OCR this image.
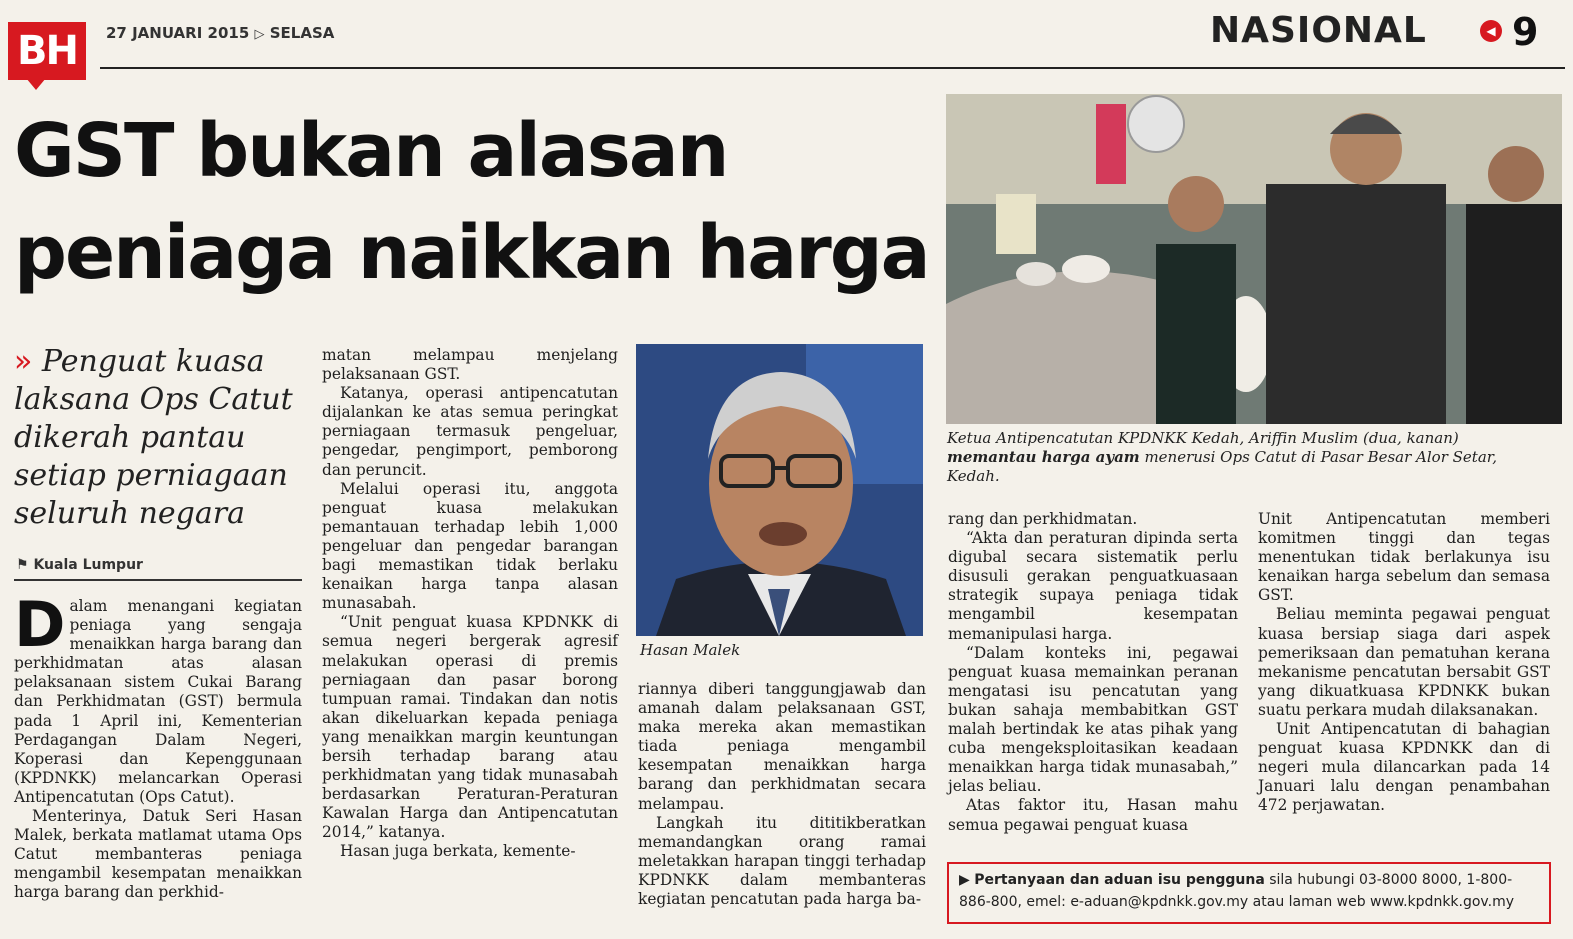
BH	27 JANUARI 2015 ▷ SELASA	NASIONAL	◀ 9
GST bukan alasan
peniaga naikkan harga
» Penguat kuasa laksana Ops Catut dikerah pantau setiap perniagaan seluruh negara
⚑ Kuala Lumpur

Dalam menangani kegiatan peniaga yang sengaja menaikkan harga barang dan perkhidmatan atas alasan pelaksanaan sistem Cukai Barang dan Perkhidmatan (GST) bermula pada 1 April ini, Kementerian Perdagangan Dalam Negeri, Koperasi dan Kepenggunaan (KPDNKK) melancarkan Operasi Antipencatutan (Ops Catut).

Menterinya, Datuk Seri Hasan Malek, berkata matlamat utama Ops Catut membanteras peniaga mengambil kesempatan menaikkan harga barang dan perkhid-

matan melampau menjelang pelaksanaan GST.

Katanya, operasi antipencatutan dijalankan ke atas semua peringkat perniagaan termasuk pengeluar, pengedar, pengimport, pemborong dan peruncit.

Melalui operasi itu, anggota penguat kuasa melakukan pemantauan terhadap lebih 1,000 pengeluar dan pengedar barangan bagi memastikan tidak berlaku kenaikan harga tanpa alasan munasabah.

“Unit penguat kuasa KPDNKK di semua negeri bergerak agresif melakukan operasi di premis perniagaan dan pasar borong tumpuan ramai. Tindakan dan notis akan dikeluarkan kepada peniaga yang menaikkan margin keuntungan bersih terhadap barang atau perkhidmatan yang tidak munasabah berdasarkan Peraturan-Peraturan Kawalan Harga dan Antipencatutan 2014,” katanya.

Hasan juga berkata, kemente-

Hasan Malek

riannya diberi tanggungjawab dan amanah dalam pelaksanaan GST, maka mereka akan memastikan tiada peniaga mengambil kesempatan menaikkan harga barang dan perkhidmatan secara melampau.

Langkah itu dititikberatkan memandangkan orang ramai meletakkan harapan tinggi terhadap KPDNKK dalam membanteras kegiatan pencatutan pada harga ba-

Ketua Antipencatutan KPDNKK Kedah, Ariffin Muslim (dua, kanan) memantau harga ayam menerusi Ops Catut di Pasar Besar Alor Setar, Kedah.

rang dan perkhidmatan.

“Akta dan peraturan dipinda serta digubal secara sistematik perlu disusuli gerakan penguatkuasaan strategik supaya peniaga tidak mengambil kesempatan memanipulasi harga.

“Dalam konteks ini, pegawai penguat kuasa memainkan peranan mengatasi isu pencatutan yang bukan sahaja membabitkan GST malah bertindak ke atas pihak yang cuba mengeksploitasikan keadaan menaikkan harga tidak munasabah,” jelas beliau.

Atas faktor itu, Hasan mahu semua pegawai penguat kuasa

Unit Antipencatutan memberi komitmen tinggi dan tegas menentukan tidak berlakunya isu kenaikan harga sebelum dan semasa GST.

Beliau meminta pegawai penguat kuasa bersiap siaga dari aspek pemeriksaan dan pematuhan kerana mekanisme pencatutan bersabit GST yang dikuatkuasa KPDNKK bukan suatu perkara mudah dilaksanakan.

Unit Antipencatutan di bahagian penguat kuasa KPDNKK dan di negeri mula dilancarkan pada 14 Januari lalu dengan penambahan 472 perjawatan.

▶ Pertanyaan dan aduan isu pengguna sila hubungi 03-8000 8000, 1-800-886-800, emel: e-aduan@kpdnkk.gov.my atau laman web www.kpdnkk.gov.my
